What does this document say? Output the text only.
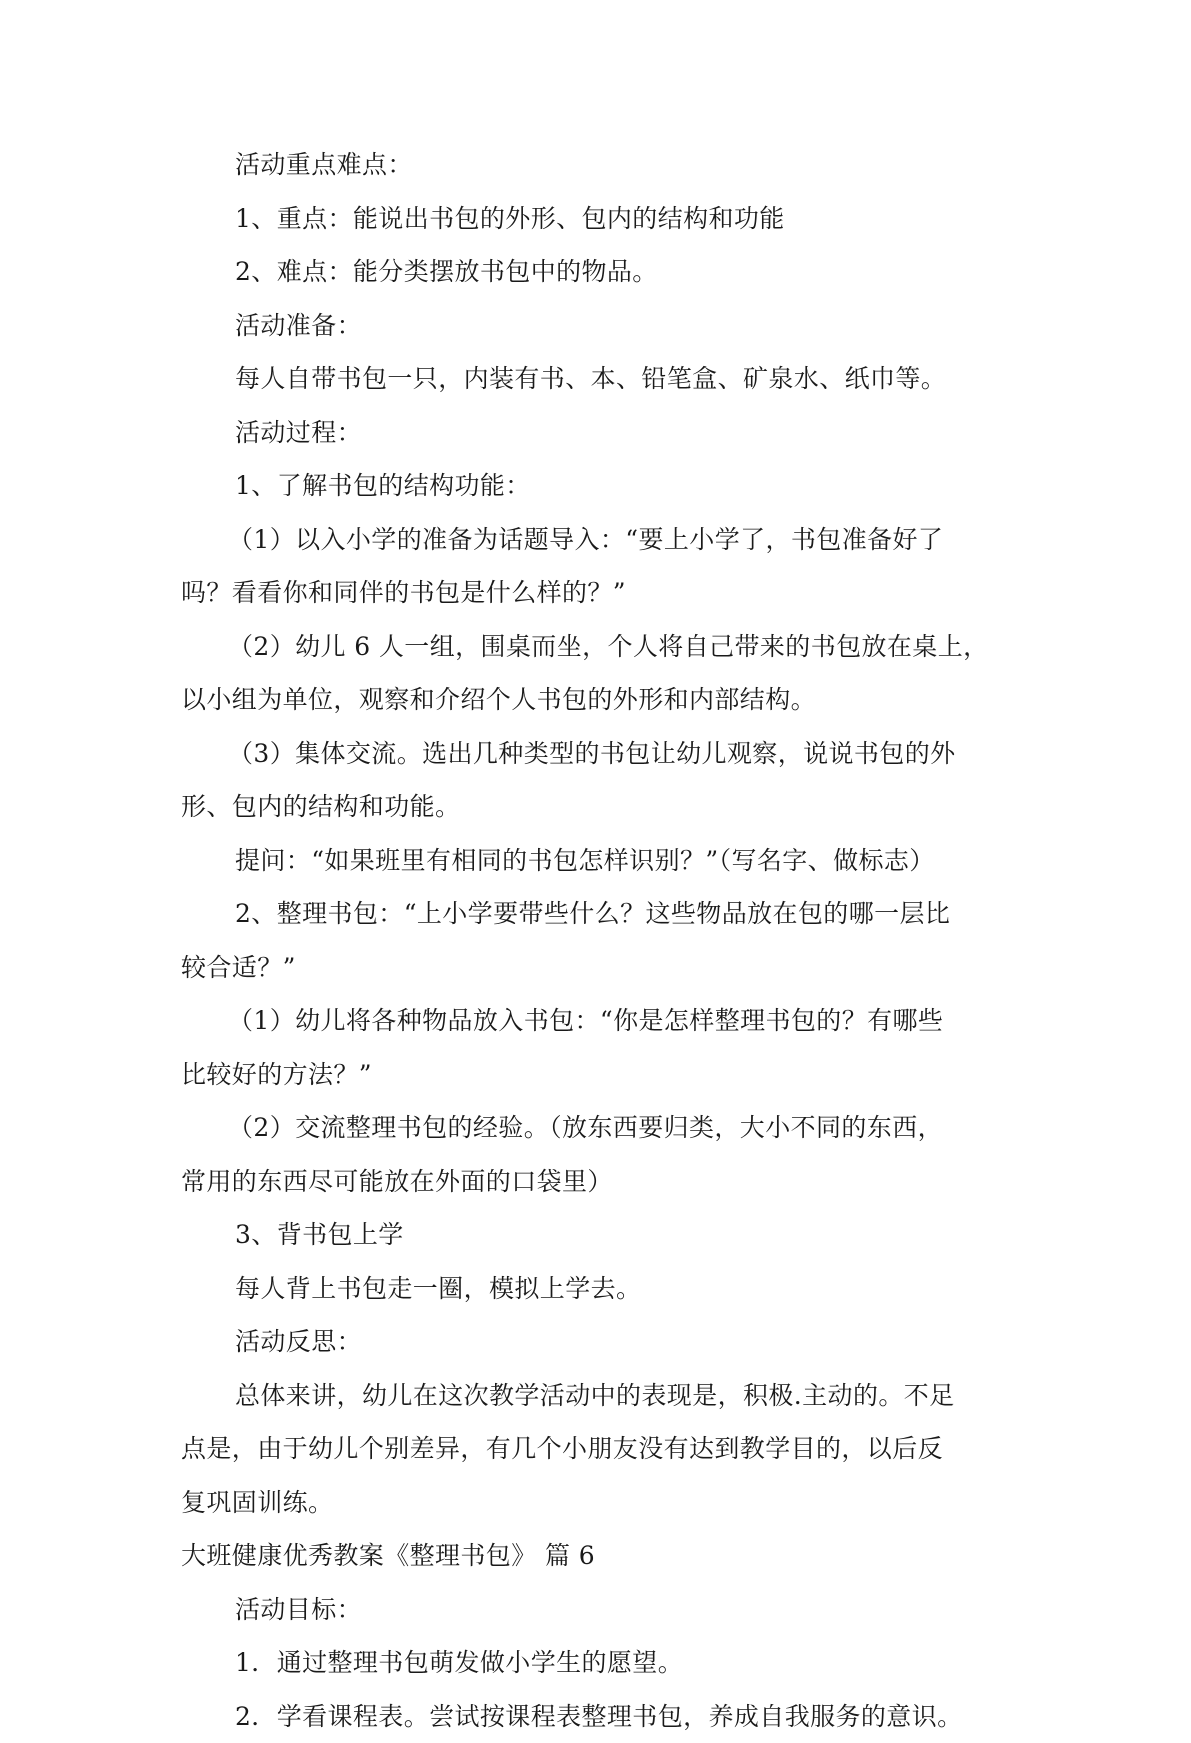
活动重点难点：
1、重点：能说出书包的外形、包内的结构和功能
2、难点：能分类摆放书包中的物品。
活动准备：
每人自带书包一只，内装有书、本、铅笔盒、矿泉水、纸巾等。
活动过程：
1、了解书包的结构功能：
（1）以入小学的准备为话题导入：“要上小学了，书包准备好了
吗？看看你和同伴的书包是什么样的？”
（2）幼儿 6 人一组，围桌而坐，个人将自己带来的书包放在桌上，
以小组为单位，观察和介绍个人书包的外形和内部结构。
（3）集体交流。选出几种类型的书包让幼儿观察，说说书包的外
形、包内的结构和功能。
提问：“如果班里有相同的书包怎样识别？”（写名字、做标志）
2、整理书包：“上小学要带些什么？这些物品放在包的哪一层比
较合适？”
（1）幼儿将各种物品放入书包：“你是怎样整理书包的？有哪些
比较好的方法？”
（2）交流整理书包的经验。（放东西要归类，大小不同的东西，
常用的东西尽可能放在外面的口袋里）
3、背书包上学
每人背上书包走一圈，模拟上学去。
活动反思：
总体来讲，幼儿在这次教学活动中的表现是，积极.主动的。不足
点是，由于幼儿个别差异，有几个小朋友没有达到教学目的，以后反
复巩固训练。
大班健康优秀教案《整理书包》 篇 6
活动目标：
1．通过整理书包萌发做小学生的愿望。
2．学看课程表。尝试按课程表整理书包，养成自我服务的意识。
